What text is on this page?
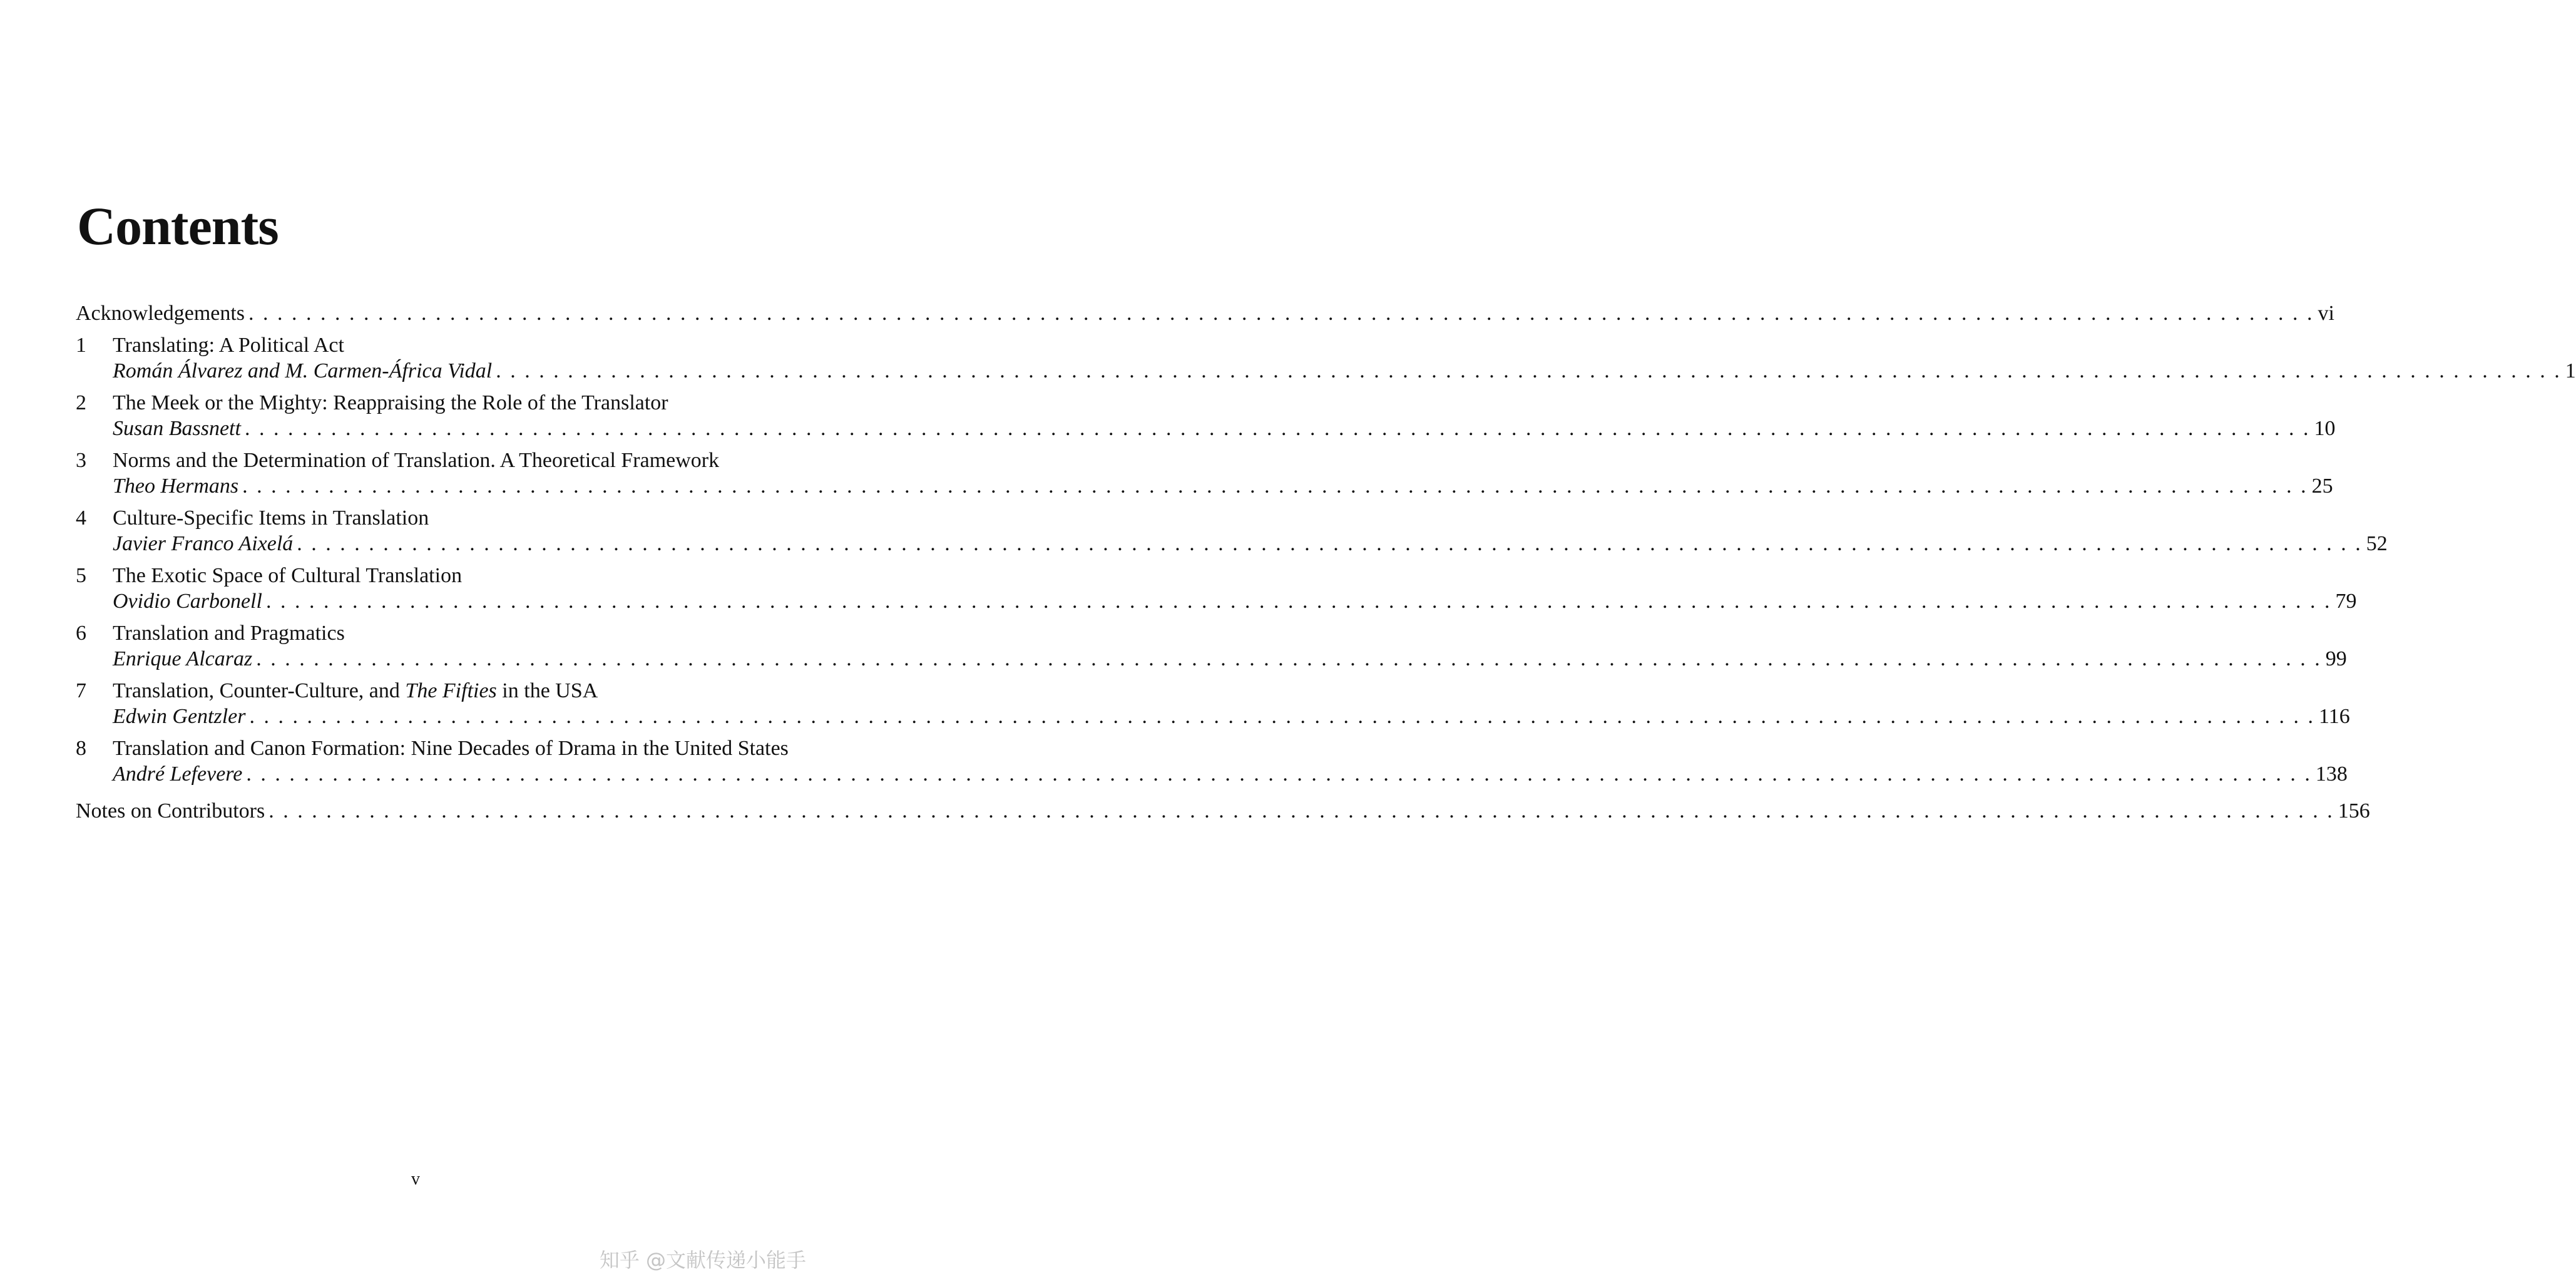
Contents
Acknowledgements . . .	vi
1	Translating: A Political Act
Román Álvarez and M. Carmen-África Vidal . . .	1
2	The Meek or the Mighty: Reappraising the Role of the Translator
Susan Bassnett . . .	10
3	Norms and the Determination of Translation. A Theoretical Framework
Theo Hermans . . .	25
4	Culture-Specific Items in Translation
Javier Franco Aixelá . . .	52
5	The Exotic Space of Cultural Translation
Ovidio Carbonell . . .	79
6	Translation and Pragmatics
Enrique Alcaraz . . .	99
7	Translation, Counter-Culture, and The Fifties in the USA
Edwin Gentzler . . .	116
8	Translation and Canon Formation: Nine Decades of Drama in the United States
André Lefevere . . .	138
Notes on Contributors . . .	156
v
知乎 @文献传递小能手
